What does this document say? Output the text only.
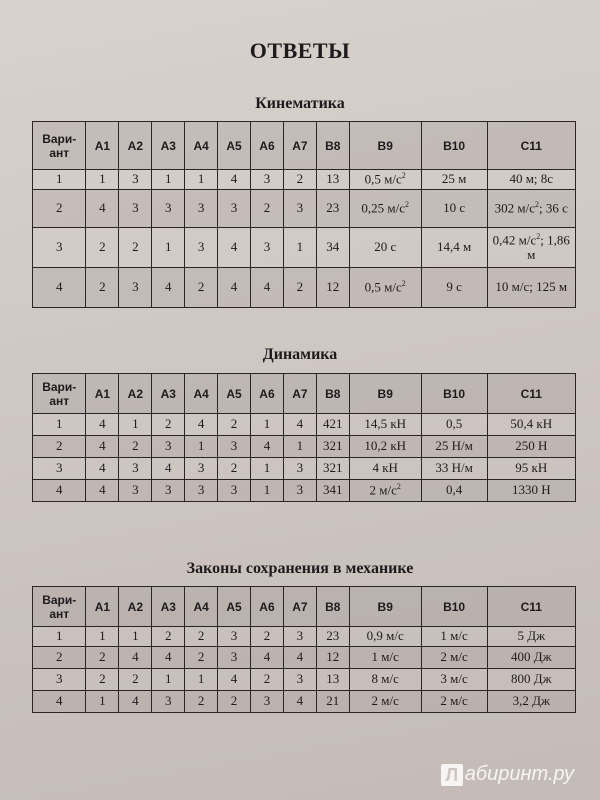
ОТВЕТЫ
Кинематика
Вари-
ант	А1	А2	А3	А4	А5	А6	А7	В8	В9	В10	С11
1	1	3	1	1	4	3	2	13	0,5 $м/с^2$	25 м	40 м; 8с
2	4	3	3	3	3	2	3	23	0,25 $м/с^2$	10 с	302 $м/с^2$; 36 с
3	2	2	1	3	4	3	1	34	20 с	14,4 м	0,42 $м/с^2$; 1,86 м
4	2	3	4	2	4	4	2	12	0,5 $м/с^2$	9 с	10 м/с; 125 м
Динамика
Вари-
ант	А1	А2	А3	А4	А5	А6	А7	В8	В9	В10	С11
1	4	1	2	4	2	1	4	421	14,5 кН	0,5	50,4 кН
2	4	2	3	1	3	4	1	321	10,2 кН	25 Н/м	250 Н
3	4	3	4	3	2	1	3	321	4 кН	33 Н/м	95 кН
4	4	3	3	3	3	1	3	341	2 $м/с^2$	0,4	1330 Н
Законы сохранения в механике
Вари-
ант	А1	А2	А3	А4	А5	А6	А7	В8	В9	В10	С11
1	1	1	2	2	3	2	3	23	0,9 м/с	1 м/с	5 Дж
2	2	4	4	2	3	4	4	12	1 м/с	2 м/с	400 Дж
3	2	2	1	1	4	2	3	13	8 м/с	3 м/с	800 Дж
4	1	4	3	2	2	3	4	21	2 м/с	2 м/с	3,2 Дж
Л абиринт.ру
